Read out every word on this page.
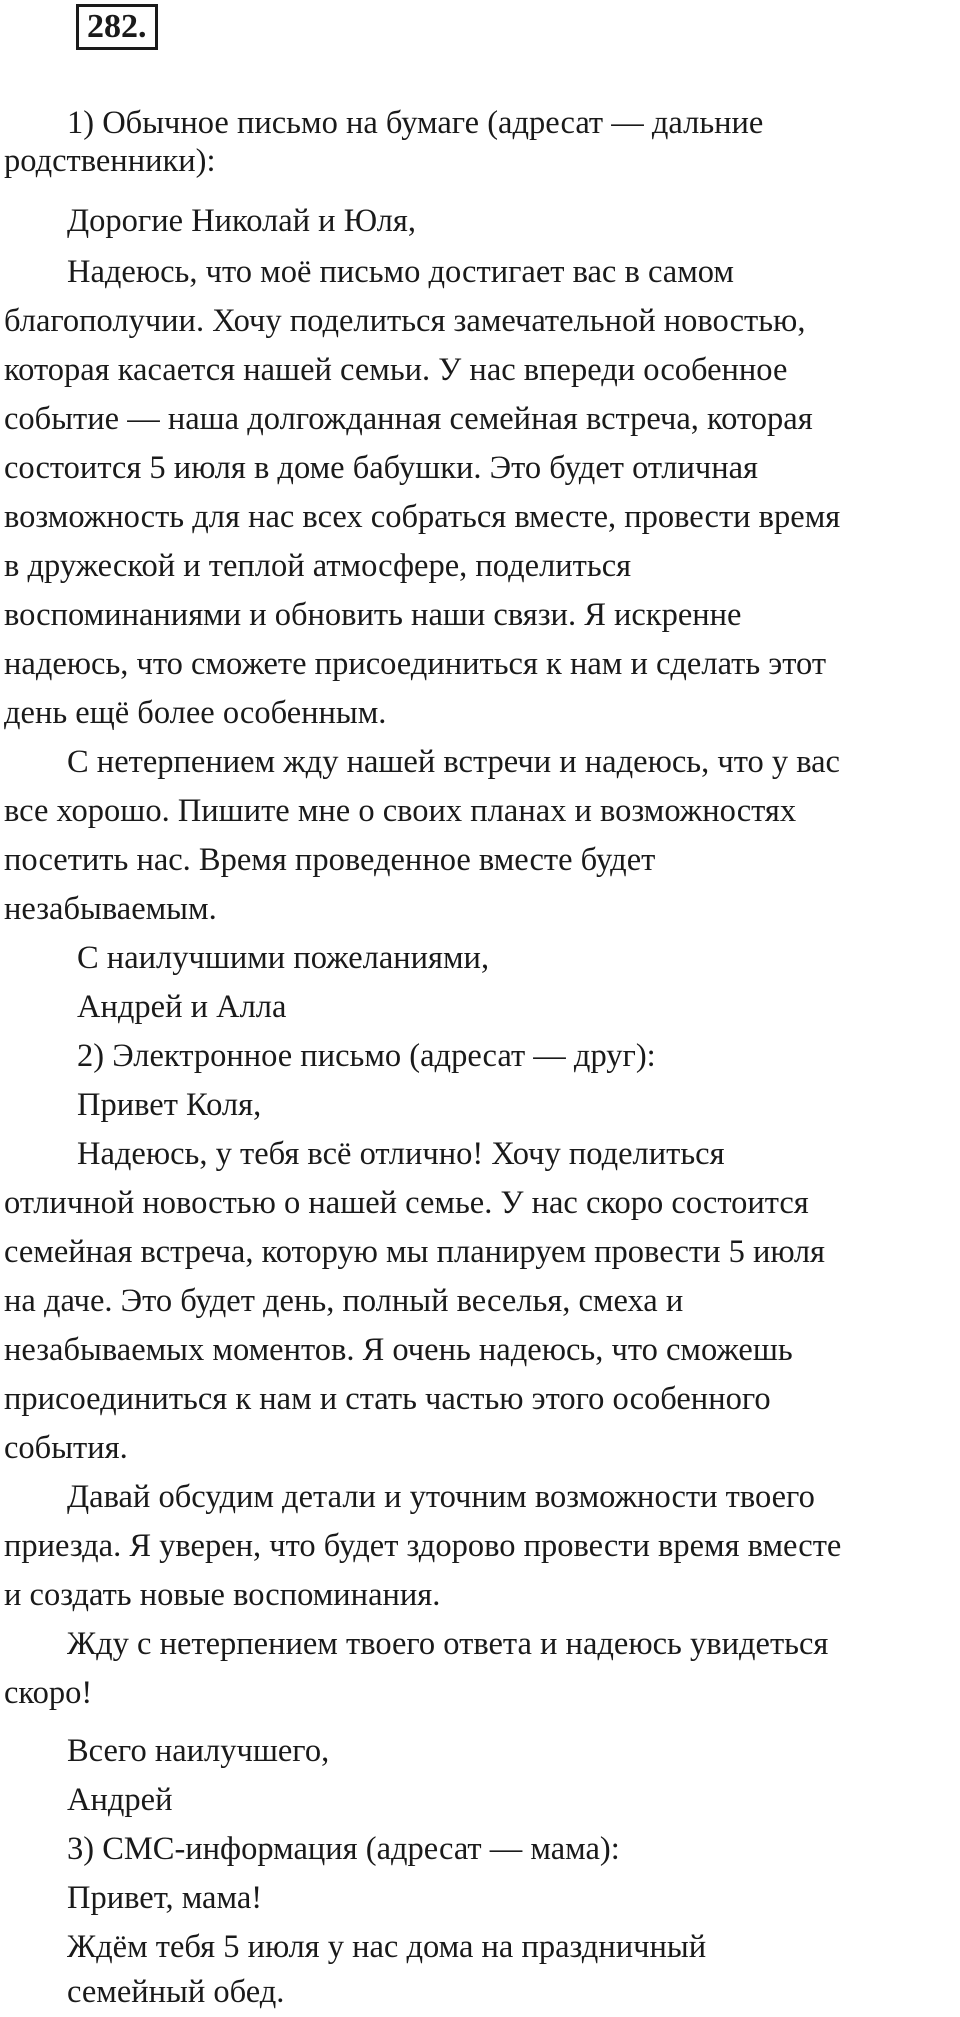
282.
1) Обычное письмо на бумаге (адресат — дальние
родственники):
Дорогие Николай и Юля,
Надеюсь, что моё письмо достигает вас в самом
благополучии. Хочу поделиться замечательной новостью,
которая касается нашей семьи. У нас впереди особенное
событие — наша долгожданная семейная встреча, которая
состоится 5 июля в доме бабушки. Это будет отличная
возможность для нас всех собраться вместе, провести время
в дружеской и теплой атмосфере, поделиться
воспоминаниями и обновить наши связи. Я искренне
надеюсь, что сможете присоединиться к нам и сделать этот
день ещё более особенным.
С нетерпением жду нашей встречи и надеюсь, что у вас
все хорошо. Пишите мне о своих планах и возможностях
посетить нас. Время проведенное вместе будет
незабываемым.
С наилучшими пожеланиями,
Андрей и Алла
2) Электронное письмо (адресат — друг):
Привет Коля,
Надеюсь, у тебя всё отлично! Хочу поделиться
отличной новостью о нашей семье. У нас скоро состоится
семейная встреча, которую мы планируем провести 5 июля
на даче. Это будет день, полный веселья, смеха и
незабываемых моментов. Я очень надеюсь, что сможешь
присоединиться к нам и стать частью этого особенного
события.
Давай обсудим детали и уточним возможности твоего
приезда. Я уверен, что будет здорово провести время вместе
и создать новые воспоминания.
Жду с нетерпением твоего ответа и надеюсь увидеться
скоро!
Всего наилучшего,
Андрей
3) СМС-информация (адресат — мама):
Привет, мама!
Ждём тебя 5 июля у нас дома на праздничный
семейный обед.
